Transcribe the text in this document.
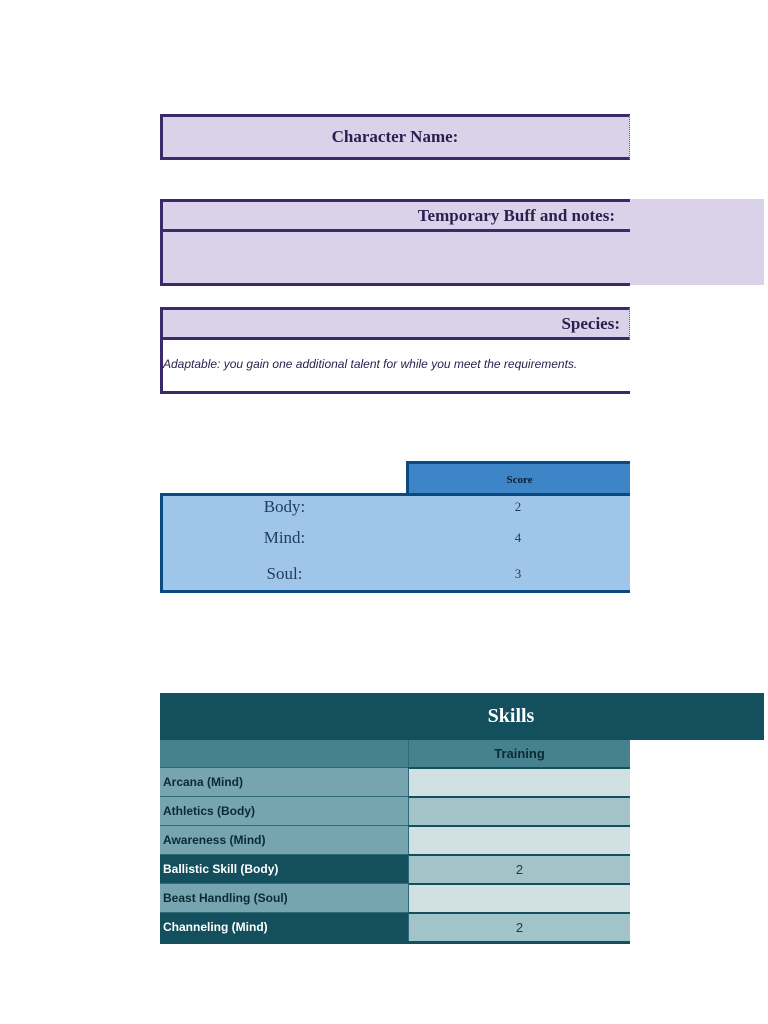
Character Name:
Temporary Buff and notes:
Species:
Adaptable: you gain one additional talent for while you meet the requirements.
Score
Body:	2
Mind:	4
Soul:	3
Skills
Training
Arcana (Mind)
Athletics (Body)
Awareness (Mind)
Ballistic Skill (Body)	2
Beast Handling (Soul)
Channeling (Mind)	2
